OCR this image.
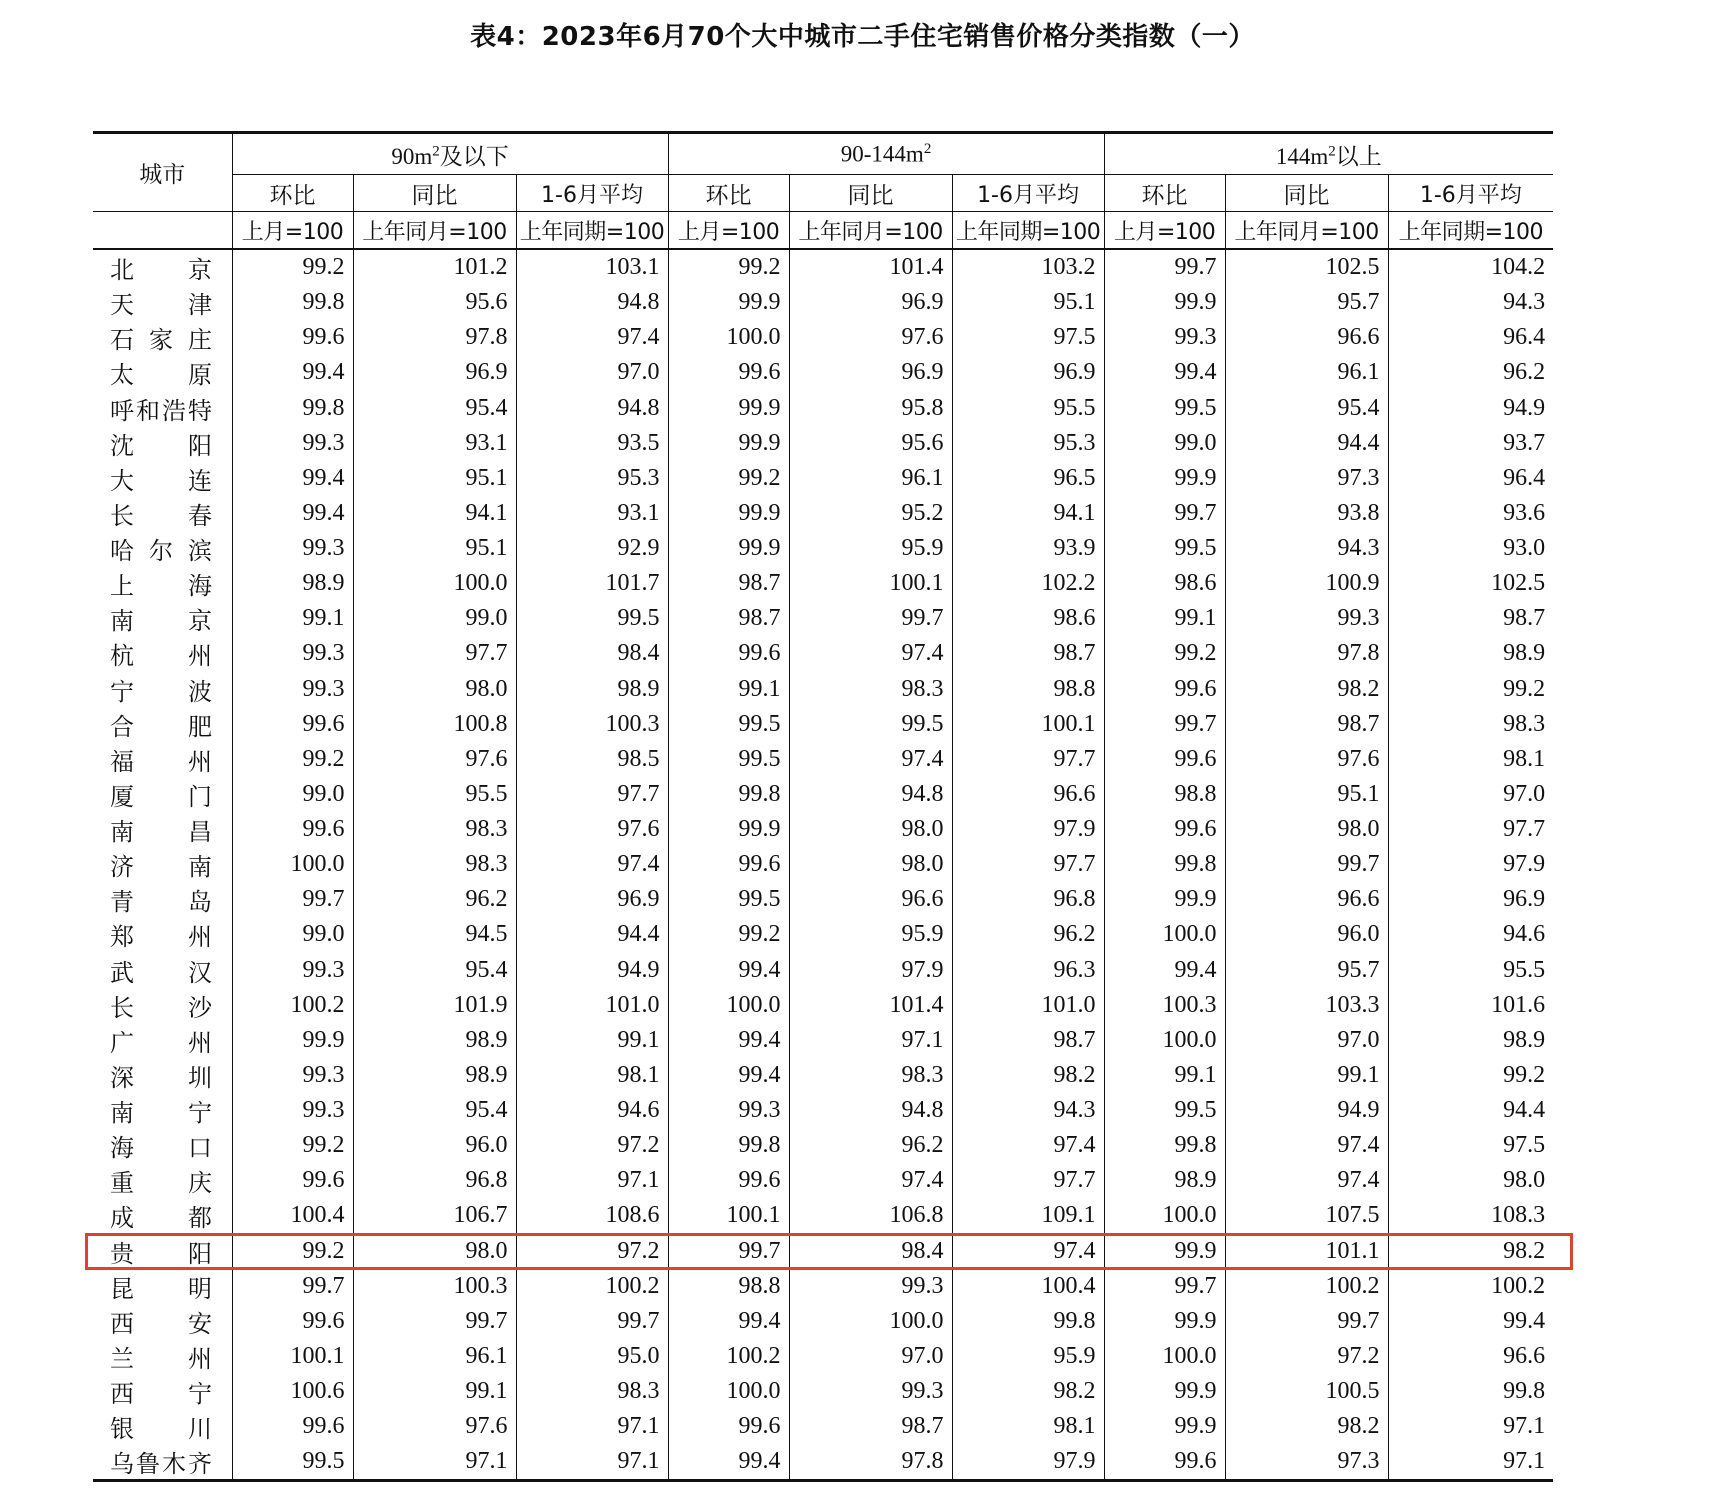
表4：2023年6月70个大中城市二手住宅销售价格分类指数（一）
城市	$90m^2$及以下			$90-144m^2$			$144m^2$以上		
	环比	同比	1-6月平均	环比	同比	1-6月平均	环比	同比	1-6月平均
	上月=100	上年同月=100	上年同期=100	上月=100	上年同月=100	上年同期=100	上月=100	上年同月=100	上年同期=100

北京	99.2	101.2	103.1	99.2	101.4	103.2	99.7	102.5	104.2

天津	99.8	95.6	94.8	99.9	96.9	95.1	99.9	95.7	94.3

石家庄	99.6	97.8	97.4	100.0	97.6	97.5	99.3	96.6	96.4

太原	99.4	96.9	97.0	99.6	96.9	96.9	99.4	96.1	96.2

呼和浩特	99.8	95.4	94.8	99.9	95.8	95.5	99.5	95.4	94.9

沈阳	99.3	93.1	93.5	99.9	95.6	95.3	99.0	94.4	93.7

大连	99.4	95.1	95.3	99.2	96.1	96.5	99.9	97.3	96.4

长春	99.4	94.1	93.1	99.9	95.2	94.1	99.7	93.8	93.6

哈尔滨	99.3	95.1	92.9	99.9	95.9	93.9	99.5	94.3	93.0

上海	98.9	100.0	101.7	98.7	100.1	102.2	98.6	100.9	102.5

南京	99.1	99.0	99.5	98.7	99.7	98.6	99.1	99.3	98.7

杭州	99.3	97.7	98.4	99.6	97.4	98.7	99.2	97.8	98.9

宁波	99.3	98.0	98.9	99.1	98.3	98.8	99.6	98.2	99.2

合肥	99.6	100.8	100.3	99.5	99.5	100.1	99.7	98.7	98.3

福州	99.2	97.6	98.5	99.5	97.4	97.7	99.6	97.6	98.1

厦门	99.0	95.5	97.7	99.8	94.8	96.6	98.8	95.1	97.0

南昌	99.6	98.3	97.6	99.9	98.0	97.9	99.6	98.0	97.7

济南	100.0	98.3	97.4	99.6	98.0	97.7	99.8	99.7	97.9

青岛	99.7	96.2	96.9	99.5	96.6	96.8	99.9	96.6	96.9

郑州	99.0	94.5	94.4	99.2	95.9	96.2	100.0	96.0	94.6

武汉	99.3	95.4	94.9	99.4	97.9	96.3	99.4	95.7	95.5

长沙	100.2	101.9	101.0	100.0	101.4	101.0	100.3	103.3	101.6

广州	99.9	98.9	99.1	99.4	97.1	98.7	100.0	97.0	98.9

深圳	99.3	98.9	98.1	99.4	98.3	98.2	99.1	99.1	99.2

南宁	99.3	95.4	94.6	99.3	94.8	94.3	99.5	94.9	94.4

海口	99.2	96.0	97.2	99.8	96.2	97.4	99.8	97.4	97.5

重庆	99.6	96.8	97.1	99.6	97.4	97.7	98.9	97.4	98.0

成都	100.4	106.7	108.6	100.1	106.8	109.1	100.0	107.5	108.3

贵阳	99.2	98.0	97.2	99.7	98.4	97.4	99.9	101.1	98.2

昆明	99.7	100.3	100.2	98.8	99.3	100.4	99.7	100.2	100.2

西安	99.6	99.7	99.7	99.4	100.0	99.8	99.9	99.7	99.4

兰州	100.1	96.1	95.0	100.2	97.0	95.9	100.0	97.2	96.6

西宁	100.6	99.1	98.3	100.0	99.3	98.2	99.9	100.5	99.8

银川	99.6	97.6	97.1	99.6	98.7	98.1	99.9	98.2	97.1

乌鲁木齐	99.5	97.1	97.1	99.4	97.8	97.9	99.6	97.3	97.1
